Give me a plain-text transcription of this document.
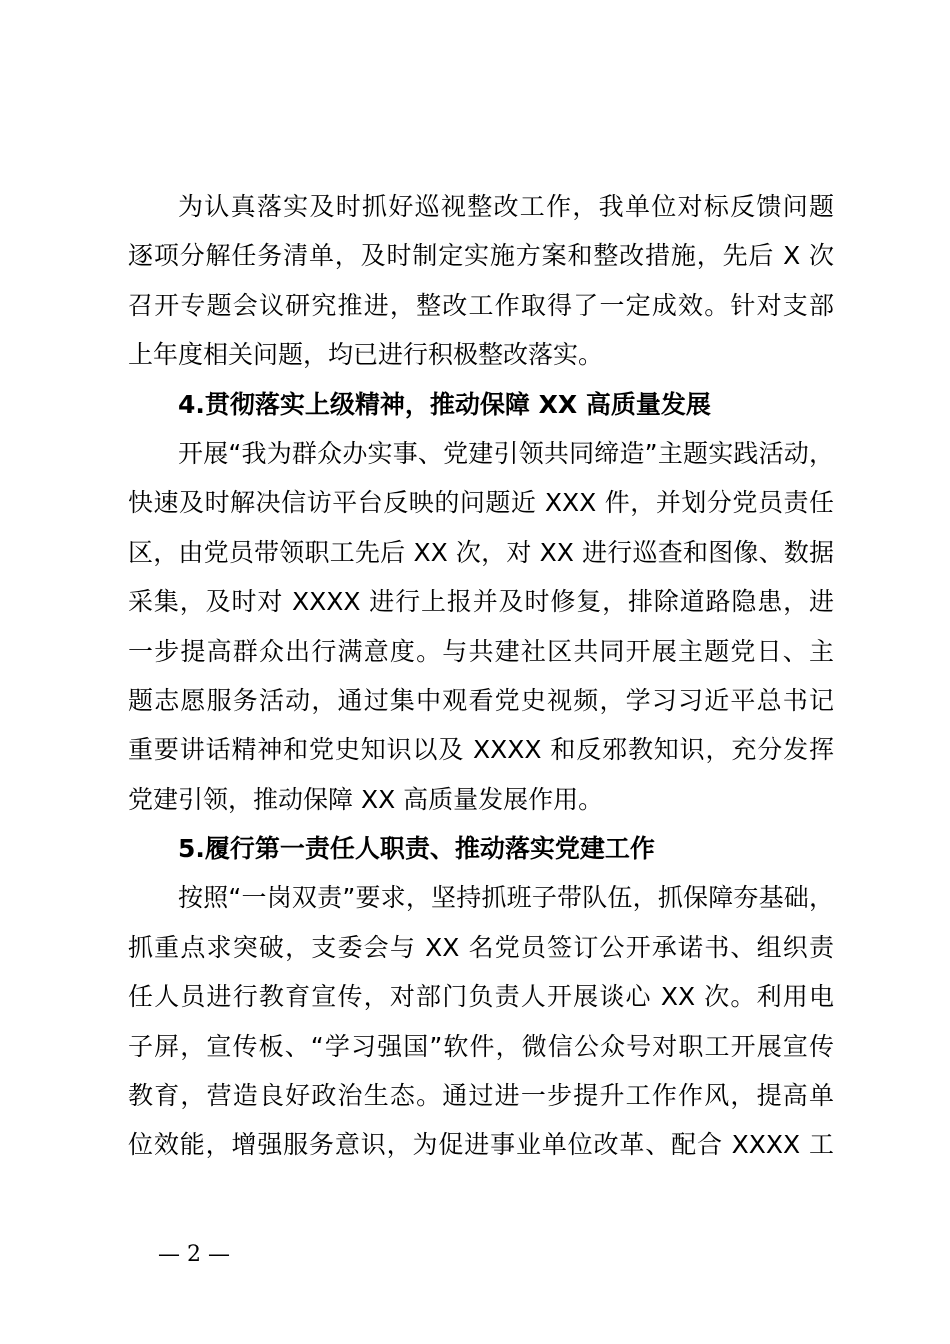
为认真落实及时抓好巡视整改工作，我单位对标反馈问题
逐项分解任务清单，及时制定实施方案和整改措施，先后 X 次
召开专题会议研究推进，整改工作取得了一定成效。针对支部
上年度相关问题，均已进行积极整改落实。
4.贯彻落实上级精神，推动保障 XX 高质量发展
开展“我为群众办实事、党建引领共同缔造”主题实践活动，
快速及时解决信访平台反映的问题近 XXX 件，并划分党员责任
区，由党员带领职工先后 XX 次，对 XX 进行巡查和图像、数据
采集，及时对 XXXX 进行上报并及时修复，排除道路隐患，进
一步提高群众出行满意度。与共建社区共同开展主题党日、主
题志愿服务活动，通过集中观看党史视频，学习习近平总书记
重要讲话精神和党史知识以及 XXXX 和反邪教知识，充分发挥
党建引领，推动保障 XX 高质量发展作用。
5.履行第一责任人职责、推动落实党建工作
按照“一岗双责”要求，坚持抓班子带队伍，抓保障夯基础，
抓重点求突破，支委会与 XX 名党员签订公开承诺书、组织责
任人员进行教育宣传，对部门负责人开展谈心 XX 次。利用电
子屏，宣传板、“学习强国”软件，微信公众号对职工开展宣传
教育，营造良好政治生态。通过进一步提升工作作风，提高单
位效能，增强服务意识，为促进事业单位改革、配合 XXXX 工
— 2 —
